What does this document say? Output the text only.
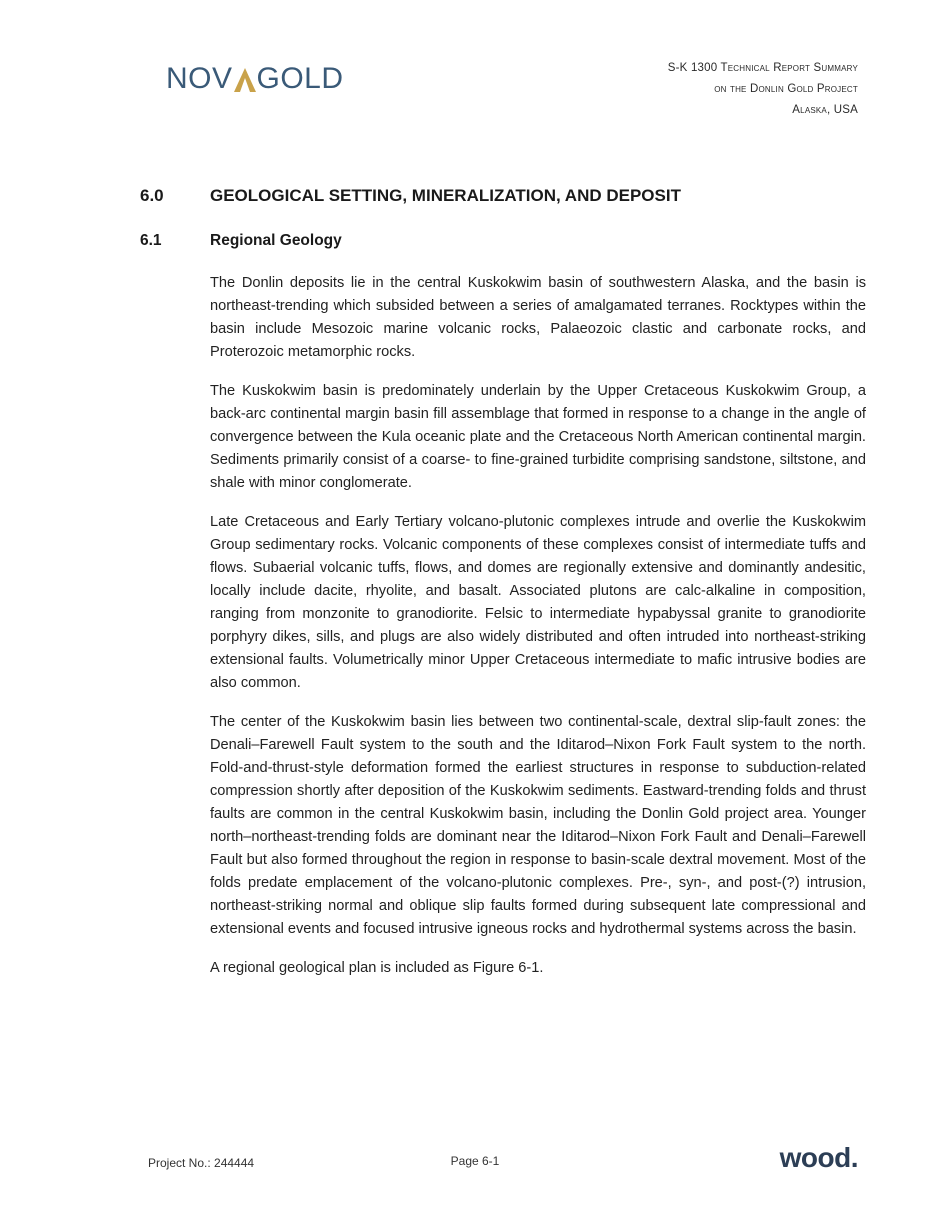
NOV GOLD	S-K 1300 Technical Report Summary
on the Donlin Gold Project
Alaska, USA
6.0	GEOLOGICAL SETTING, MINERALIZATION, AND DEPOSIT
6.1	Regional Geology

The Donlin deposits lie in the central Kuskokwim basin of southwestern Alaska, and the basin is northeast-trending which subsided between a series of amalgamated terranes. Rocktypes within the basin include Mesozoic marine volcanic rocks, Palaeozoic clastic and carbonate rocks, and Proterozoic metamorphic rocks.

The Kuskokwim basin is predominately underlain by the Upper Cretaceous Kuskokwim Group, a back-arc continental margin basin fill assemblage that formed in response to a change in the angle of convergence between the Kula oceanic plate and the Cretaceous North American continental margin. Sediments primarily consist of a coarse- to fine-grained turbidite comprising sandstone, siltstone, and shale with minor conglomerate.

Late Cretaceous and Early Tertiary volcano-plutonic complexes intrude and overlie the Kuskokwim Group sedimentary rocks. Volcanic components of these complexes consist of intermediate tuffs and flows. Subaerial volcanic tuffs, flows, and domes are regionally extensive and dominantly andesitic, locally include dacite, rhyolite, and basalt. Associated plutons are calc-alkaline in composition, ranging from monzonite to granodiorite. Felsic to intermediate hypabyssal granite to granodiorite porphyry dikes, sills, and plugs are also widely distributed and often intruded into northeast-striking extensional faults. Volumetrically minor Upper Cretaceous intermediate to mafic intrusive bodies are also common.

The center of the Kuskokwim basin lies between two continental-scale, dextral slip-fault zones: the Denali–Farewell Fault system to the south and the Iditarod–Nixon Fork Fault system to the north. Fold-and-thrust-style deformation formed the earliest structures in response to subduction-related compression shortly after deposition of the Kuskokwim sediments. Eastward-trending folds and thrust faults are common in the central Kuskokwim basin, including the Donlin Gold project area. Younger north–northeast-trending folds are dominant near the Iditarod–Nixon Fork Fault and Denali–Farewell Fault but also formed throughout the region in response to basin-scale dextral movement. Most of the folds predate emplacement of the volcano-plutonic complexes. Pre-, syn-, and post-(?) intrusion, northeast-striking normal and oblique slip faults formed during subsequent late compressional and extensional events and focused intrusive igneous rocks and hydrothermal systems across the basin.

A regional geological plan is included as Figure 6-1.

Project No.: 244444	Page 6-1	wood.
